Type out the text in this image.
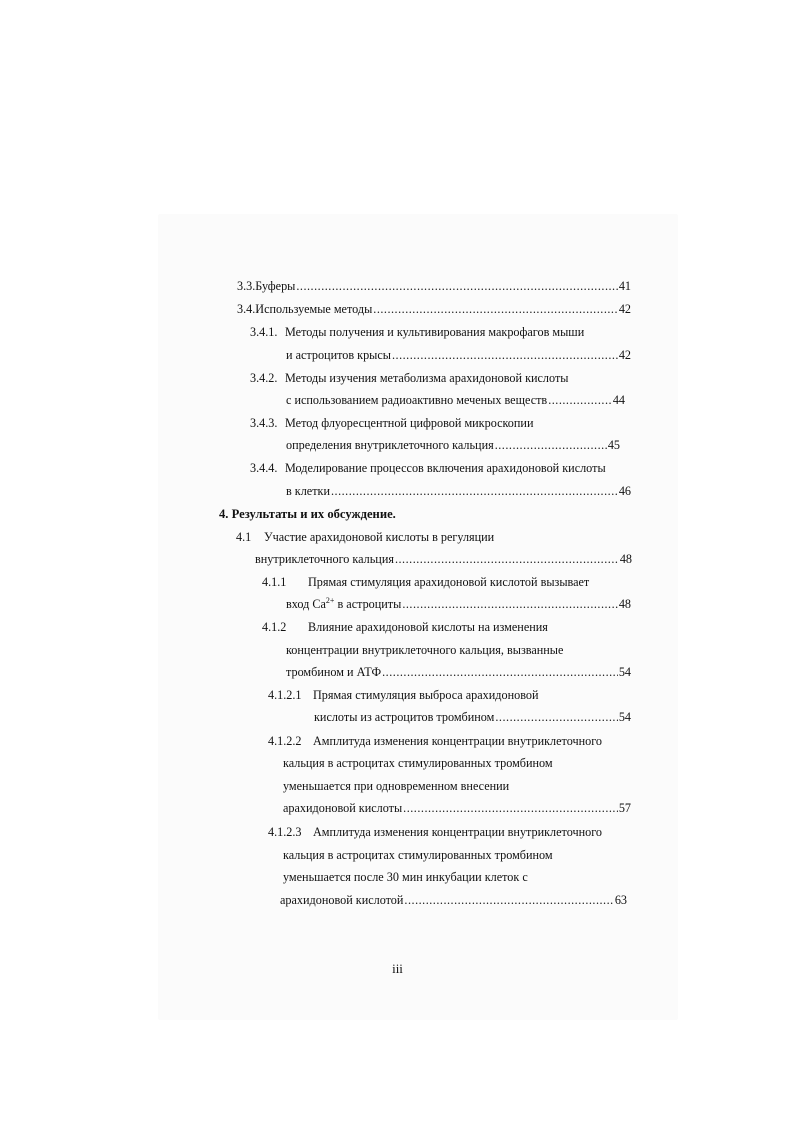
3.3. Буферы .....	41
3.4. Используемые методы .....	42
3.4.1. Методы получения и культивирования макрофагов мыши
и астроцитов крысы .....	42
3.4.2. Методы изучения метаболизма арахидоновой кислоты
с использованием радиоактивно меченых веществ .....	44
3.4.3. Метод флуоресцентной цифровой микроскопии
определения внутриклеточного кальция .....	45
3.4.4. Моделирование процессов включения арахидоновой кислоты
в клетки .....	46
4. Результаты и их обсуждение.
4.1	Участие арахидоновой кислоты в регуляции
внутриклеточного кальция .....	48
4.1.1	Прямая стимуляция арахидоновой кислотой вызывает
вход $Ca^{2+}$ в астроциты .....	48
4.1.2	Влияние арахидоновой кислоты на изменения
концентрации внутриклеточного кальция, вызванные
тромбином и АТФ .....	54
4.1.2.1 Прямая стимуляция выброса арахидоновой
кислоты из астроцитов тромбином .....	54
4.1.2.2 Амплитуда изменения концентрации внутриклеточного
кальция в астроцитах стимулированных тромбином
уменьшается при одновременном внесении
арахидоновой кислоты .....	57
4.1.2.3 Амплитуда изменения концентрации внутриклеточного
кальция в астроцитах стимулированных тромбином
уменьшается после 30 мин инкубации клеток с
арахидоновой кислотой .....	63
iii
